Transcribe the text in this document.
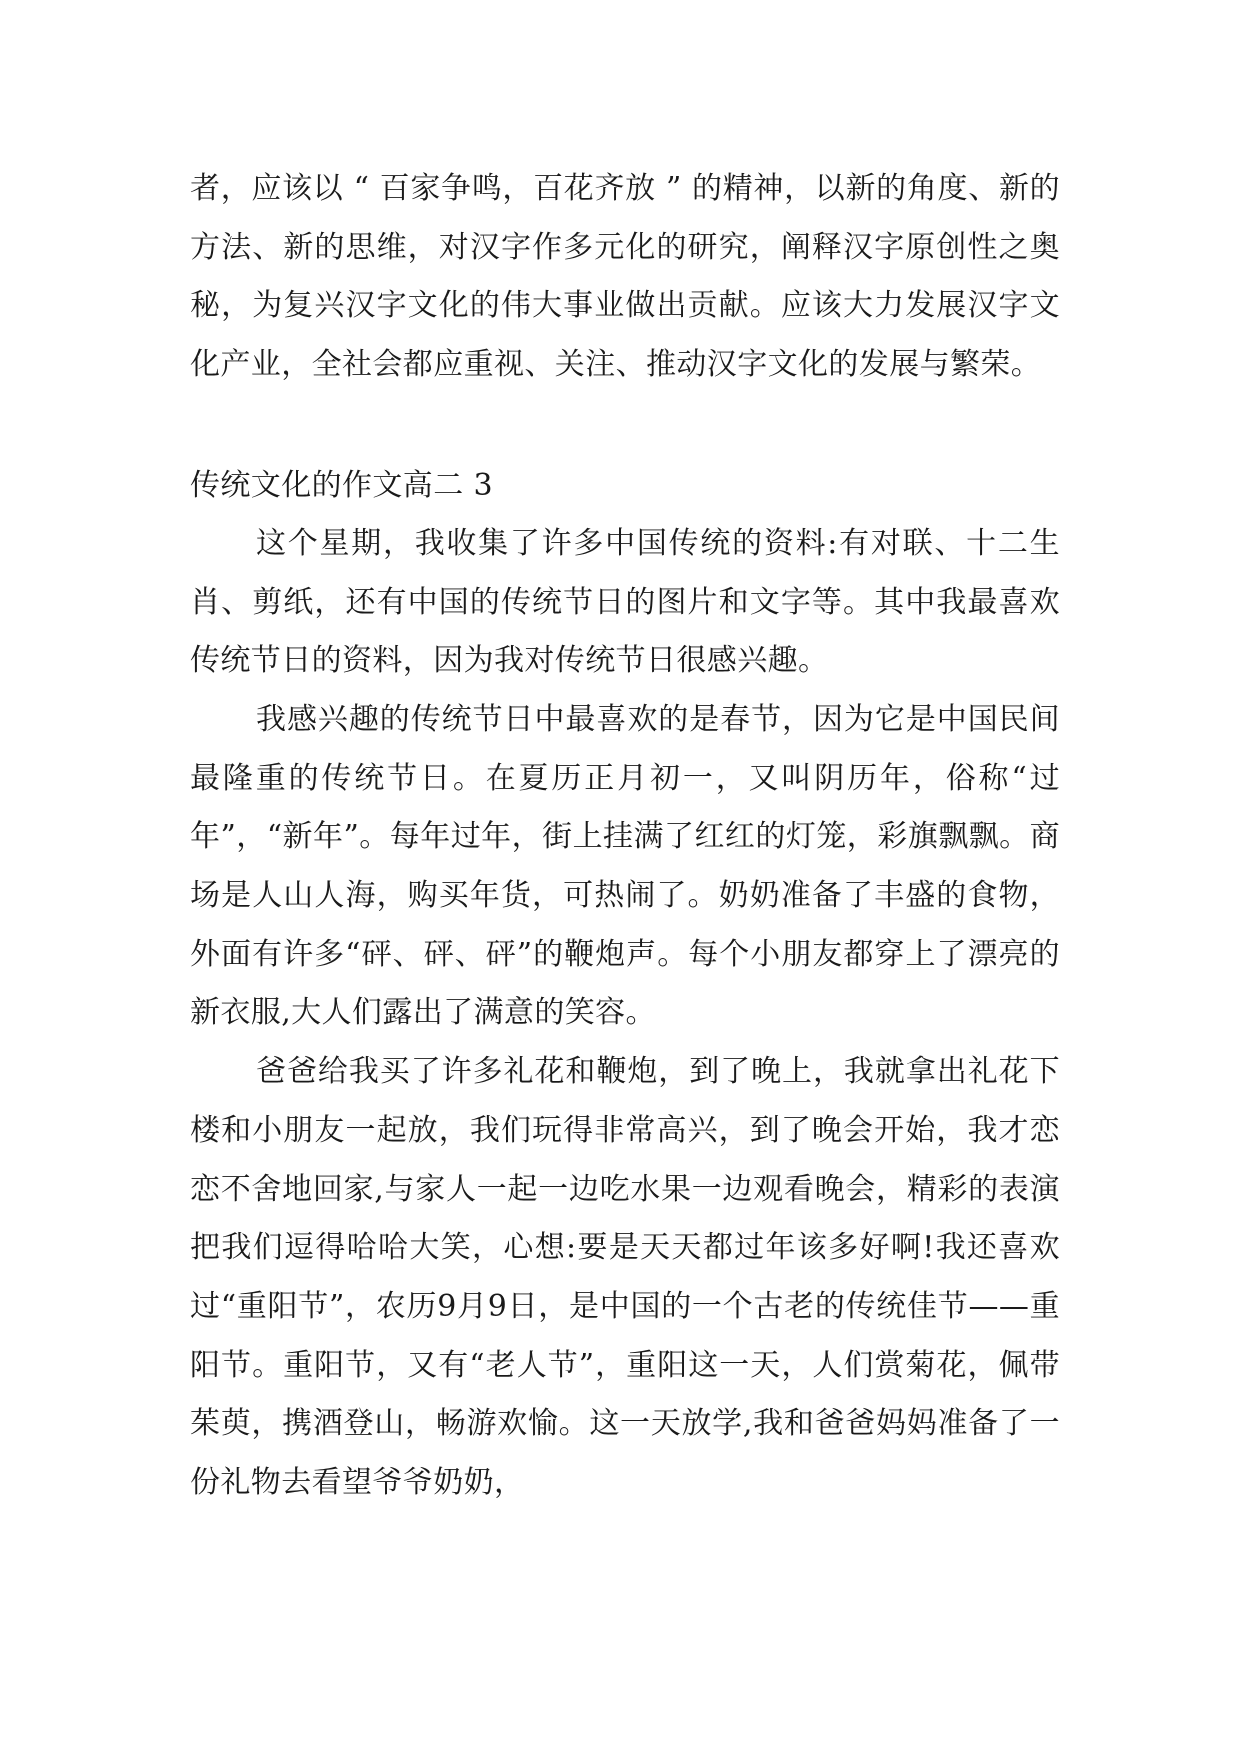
者，应该以 “ 百家争鸣，百花齐放 ” 的精神，以新的角度、新的方法、新的思维，对汉字作多元化的研究，阐释汉字原创性之奥秘，为复兴汉字文化的伟大事业做出贡献。应该大力发展汉字文化产业，全社会都应重视、关注、推动汉字文化的发展与繁荣。

传统文化的作文高二 3

这个星期，我收集了许多中国传统的资料:有对联、十二生肖、剪纸，还有中国的传统节日的图片和文字等。其中我最喜欢传统节日的资料，因为我对传统节日很感兴趣。

我感兴趣的传统节日中最喜欢的是春节，因为它是中国民间最隆重的传统节日。在夏历正月初一，又叫阴历年，俗称“过年”，“新年”。每年过年，街上挂满了红红的灯笼，彩旗飘飘。商场是人山人海，购买年货，可热闹了。奶奶准备了丰盛的食物，外面有许多“砰、砰、砰”的鞭炮声。每个小朋友都穿上了漂亮的新衣服,大人们露出了满意的笑容。

爸爸给我买了许多礼花和鞭炮，到了晚上，我就拿出礼花下楼和小朋友一起放，我们玩得非常高兴，到了晚会开始，我才恋恋不舍地回家,与家人一起一边吃水果一边观看晚会，精彩的表演把我们逗得哈哈大笑，心想:要是天天都过年该多好啊!我还喜欢过“重阳节”，农历9月9日，是中国的一个古老的传统佳节——重阳节。重阳节，又有“老人节”，重阳这一天，人们赏菊花，佩带茱萸，携酒登山，畅游欢愉。这一天放学,我和爸爸妈妈准备了一份礼物去看望爷爷奶奶，
